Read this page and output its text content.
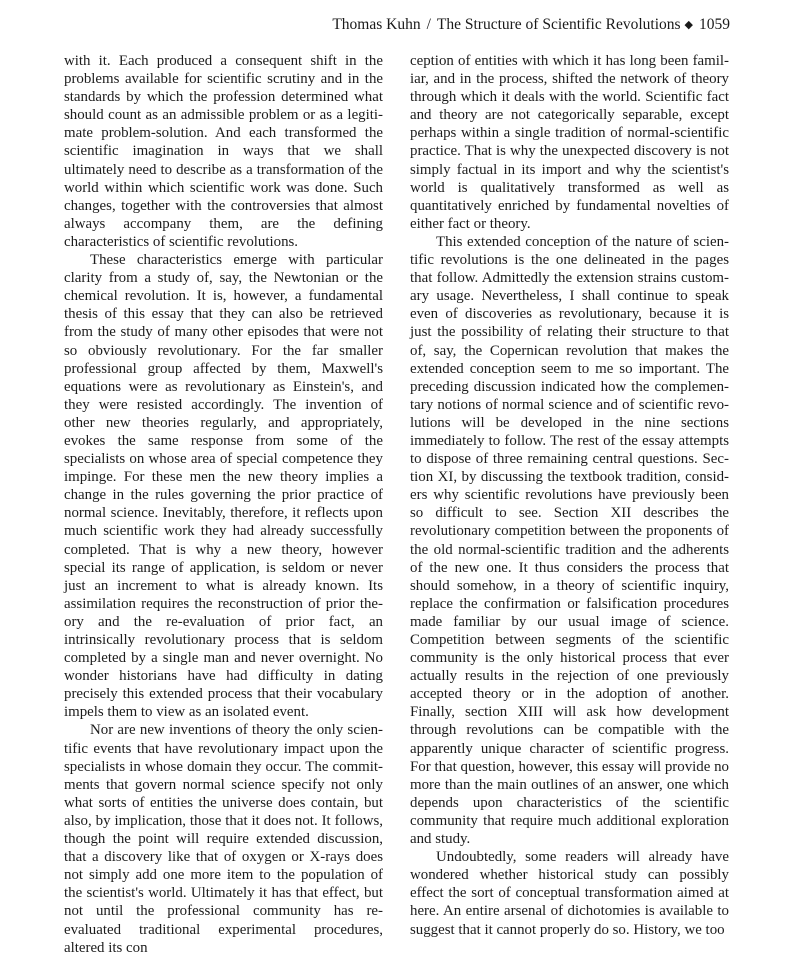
Thomas Kuhn / The Structure of Scientific Revolutions ◆ 1059

with it. Each produced a consequent shift in the problems available for scientific scrutiny and in the standards by which the profession determined what should count as an admissible problem or as a legitimate problem-solution. And each transformed the scientific imagination in ways that we shall ultimately need to describe as a transformation of the world within which scientific work was done. Such changes, together with the controversies that almost always accompany them, are the defining characteristics of scientific revolutions.

These characteristics emerge with particular clarity from a study of, say, the Newtonian or the chemical revolution. It is, however, a fundamental thesis of this essay that they can also be retrieved from the study of many other episodes that were not so obviously revolutionary. For the far smaller professional group affected by them, Maxwell's equations were as revolutionary as Einstein's, and they were resisted accordingly. The invention of other new theories regularly, and appropriately, evokes the same response from some of the specialists on whose area of special competence they impinge. For these men the new theory implies a change in the rules governing the prior practice of normal science. Inevitably, therefore, it reflects upon much scientific work they had already successfully completed. That is why a new theory, however special its range of application, is seldom or never just an increment to what is already known. Its assimilation requires the reconstruction of prior theory and the re-evaluation of prior fact, an intrinsically revolutionary process that is seldom completed by a single man and never overnight. No wonder historians have had difficulty in dating precisely this extended process that their vocabulary impels them to view as an isolated event.

Nor are new inventions of theory the only scientific events that have revolutionary impact upon the specialists in whose domain they occur. The commitments that govern normal science specify not only what sorts of entities the universe does contain, but also, by implication, those that it does not. It follows, though the point will require extended discussion, that a discovery like that of oxygen or X-rays does not simply add one more item to the population of the scientist's world. Ultimately it has that effect, but not until the professional community has re-evaluated traditional experimental procedures, altered its con

ception of entities with which it has long been familiar, and in the process, shifted the network of theory through which it deals with the world. Scientific fact and theory are not categorically separable, except perhaps within a single tradition of normal-scientific practice. That is why the unexpected discovery is not simply factual in its import and why the scientist's world is qualitatively transformed as well as quantitatively enriched by fundamental novelties of either fact or theory.

This extended conception of the nature of scientific revolutions is the one delineated in the pages that follow. Admittedly the extension strains customary usage. Nevertheless, I shall continue to speak even of discoveries as revolutionary, because it is just the possibility of relating their structure to that of, say, the Copernican revolution that makes the extended conception seem to me so important. The preceding discussion indicated how the complementary notions of normal science and of scientific revolutions will be developed in the nine sections immediately to follow. The rest of the essay attempts to dispose of three remaining central questions. Section XI, by discussing the textbook tradition, considers why scientific revolutions have previously been so difficult to see. Section XII describes the revolutionary competition between the proponents of the old normal-scientific tradition and the adherents of the new one. It thus considers the process that should somehow, in a theory of scientific inquiry, replace the confirmation or falsification procedures made familiar by our usual image of science. Competition between segments of the scientific community is the only historical process that ever actually results in the rejection of one previously accepted theory or in the adoption of another. Finally, section XIII will ask how development through revolutions can be compatible with the apparently unique character of scientific progress. For that question, however, this essay will provide no more than the main outlines of an answer, one which depends upon characteristics of the scientific community that require much additional exploration and study.

Undoubtedly, some readers will already have wondered whether historical study can possibly effect the sort of conceptual transformation aimed at here. An entire arsenal of dichotomies is available to suggest that it cannot properly do so. History, we too
